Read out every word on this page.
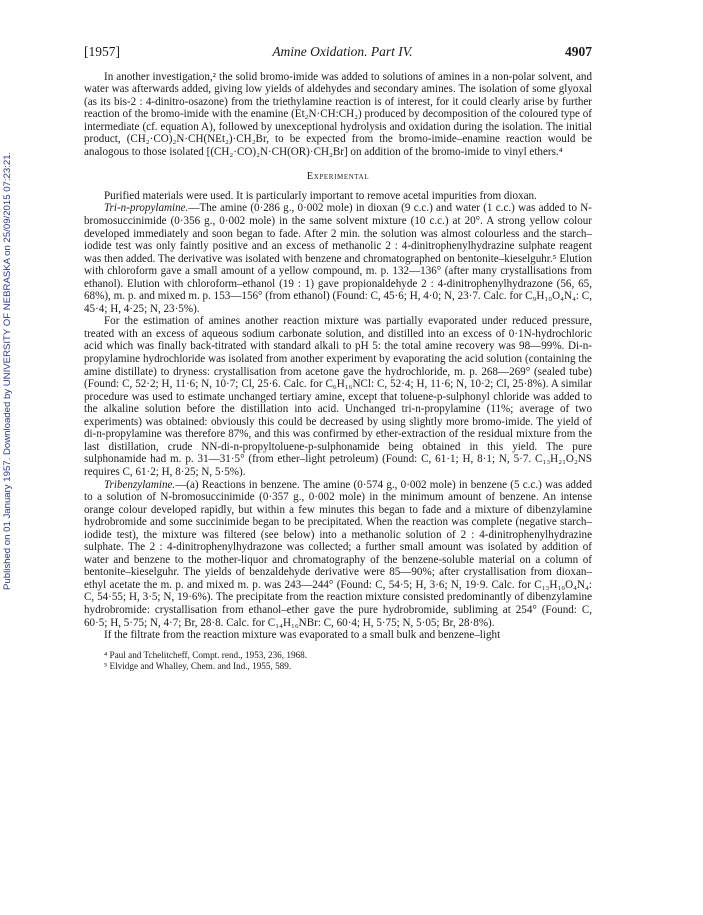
Published on 01 January 1957. Downloaded by UNIVERSITY OF NEBRASKA on 25/09/2015 07:23:21.
[1957]	Amine Oxidation. Part IV.	4907

In another investigation,² the solid bromo-imide was added to solutions of amines in a non-polar solvent, and water was afterwards added, giving low yields of aldehydes and secondary amines. The isolation of some glyoxal (as its bis-2 : 4-dinitro-osazone) from the triethylamine reaction is of interest, for it could clearly arise by further reaction of the bromo-imide with the enamine (Et₂N·CH:CH₂) produced by decomposition of the coloured type of intermediate (cf. equation A), followed by unexceptional hydrolysis and oxidation during the isolation. The initial product, (CH₂·CO)₂N·CH(NEt₂)·CH₂Br, to be expected from the bromo-imide–enamine reaction would be analogous to those isolated [(CH₂·CO)₂N·CH(OR)·CH₂Br] on addition of the bromo-imide to vinyl ethers.⁴

Experimental

Purified materials were used. It is particularly important to remove acetal impurities from dioxan.

Tri-n-propylamine.—The amine (0·286 g., 0·002 mole) in dioxan (9 c.c.) and water (1 c.c.) was added to N-bromosuccinimide (0·356 g., 0·002 mole) in the same solvent mixture (10 c.c.) at 20°. A strong yellow colour developed immediately and soon began to fade. After 2 min. the solution was almost colourless and the starch–iodide test was only faintly positive and an excess of methanolic 2 : 4-dinitrophenylhydrazine sulphate reagent was then added. The derivative was isolated with benzene and chromatographed on bentonite–kieselguhr.⁵ Elution with chloroform gave a small amount of a yellow compound, m. p. 132—136° (after many crystallisations from ethanol). Elution with chloroform–ethanol (19 : 1) gave propionaldehyde 2 : 4-dinitrophenylhydrazone (56, 65, 68%), m. p. and mixed m. p. 153—156° (from ethanol) (Found: C, 45·6; H, 4·0; N, 23·7. Calc. for C₉H₁₀O₄N₄: C, 45·4; H, 4·25; N, 23·5%).

For the estimation of amines another reaction mixture was partially evaporated under reduced pressure, treated with an excess of aqueous sodium carbonate solution, and distilled into an excess of 0·1N-hydrochloric acid which was finally back-titrated with standard alkali to pH 5: the total amine recovery was 98—99%. Di-n-propylamine hydrochloride was isolated from another experiment by evaporating the acid solution (containing the amine distillate) to dryness: crystallisation from acetone gave the hydrochloride, m. p. 268—269° (sealed tube) (Found: C, 52·2; H, 11·6; N, 10·7; Cl, 25·6. Calc. for C₆H₁₆NCl: C, 52·4; H, 11·6; N, 10·2; Cl, 25·8%). A similar procedure was used to estimate unchanged tertiary amine, except that toluene-p-sulphonyl chloride was added to the alkaline solution before the distillation into acid. Unchanged tri-n-propylamine (11%; average of two experiments) was obtained: obviously this could be decreased by using slightly more bromo-imide. The yield of di-n-propylamine was therefore 87%, and this was confirmed by ether-extraction of the residual mixture from the last distillation, crude NN-di-n-propyltoluene-p-sulphonamide being obtained in this yield. The pure sulphonamide had m. p. 31—31·5° (from ether–light petroleum) (Found: C, 61·1; H, 8·1; N, 5·7. C₁₃H₂₁O₂NS requires C, 61·2; H, 8·25; N, 5·5%).

Tribenzylamine.—(a) Reactions in benzene. The amine (0·574 g., 0·002 mole) in benzene (5 c.c.) was added to a solution of N-bromosuccinimide (0·357 g., 0·002 mole) in the minimum amount of benzene. An intense orange colour developed rapidly, but within a few minutes this began to fade and a mixture of dibenzylamine hydrobromide and some succinimide began to be precipitated. When the reaction was complete (negative starch–iodide test), the mixture was filtered (see below) into a methanolic solution of 2 : 4-dinitrophenylhydrazine sulphate. The 2 : 4-dinitrophenylhydrazone was collected; a further small amount was isolated by addition of water and benzene to the mother-liquor and chromatography of the benzene-soluble material on a column of bentonite–kieselguhr. The yields of benzaldehyde derivative were 85—90%; after crystallisation from dioxan–ethyl acetate the m. p. and mixed m. p. was 243—244° (Found: C, 54·5; H, 3·6; N, 19·9. Calc. for C₁₃H₁₀O₄N₄: C, 54·55; H, 3·5; N, 19·6%). The precipitate from the reaction mixture consisted predominantly of dibenzylamine hydrobromide: crystallisation from ethanol–ether gave the pure hydrobromide, subliming at 254° (Found: C, 60·5; H, 5·75; N, 4·7; Br, 28·8. Calc. for C₁₄H₁₆NBr: C, 60·4; H, 5·75; N, 5·05; Br, 28·8%).

If the filtrate from the reaction mixture was evaporated to a small bulk and benzene–light

⁴ Paul and Tchelitcheff, Compt. rend., 1953, 236, 1968.
⁵ Elvidge and Whalley, Chem. and Ind., 1955, 589.
